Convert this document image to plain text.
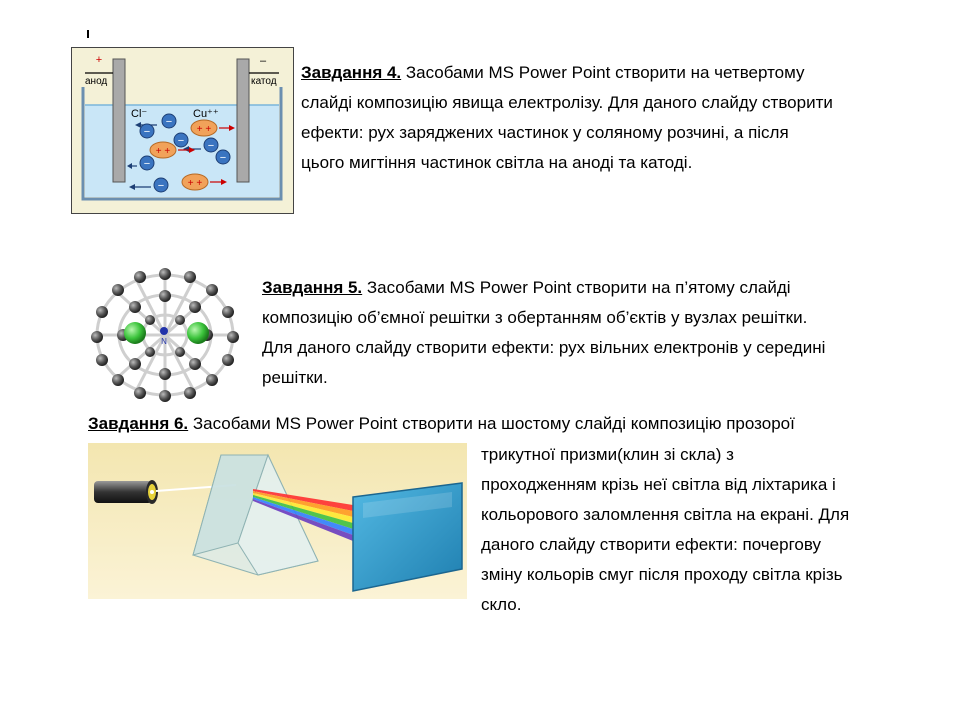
+	–
анод	катод
Cl⁻	Cu⁺⁺
−
−
− −
−	−
−
+ +
+ +
+ +
Завдання 4. Засобами MS Power Point створити на четвертому
слайді композицію явища електролізу. Для даного слайду створити
ефекти: рух заряджених частинок у соляному розчині, а після
цього мигтіння частинок світла на аноді та катоді.
N
Завдання 5. Засобами MS Power Point створити на п’ятому слайді
композицію об’ємної решітки з обертанням об’єктів у вузлах решітки.
Для даного слайду створити ефекти: рух вільних електронів у середині
решітки.
Завдання 6. Засобами MS Power Point створити на шостому слайді композицію прозорої
трикутної призми(клин зі скла) з
проходженням крізь неї світла від ліхтарика і
кольорового заломлення світла на екрані. Для
даного слайду створити ефекти: почергову
зміну кольорів смуг після проходу світла крізь
скло.
